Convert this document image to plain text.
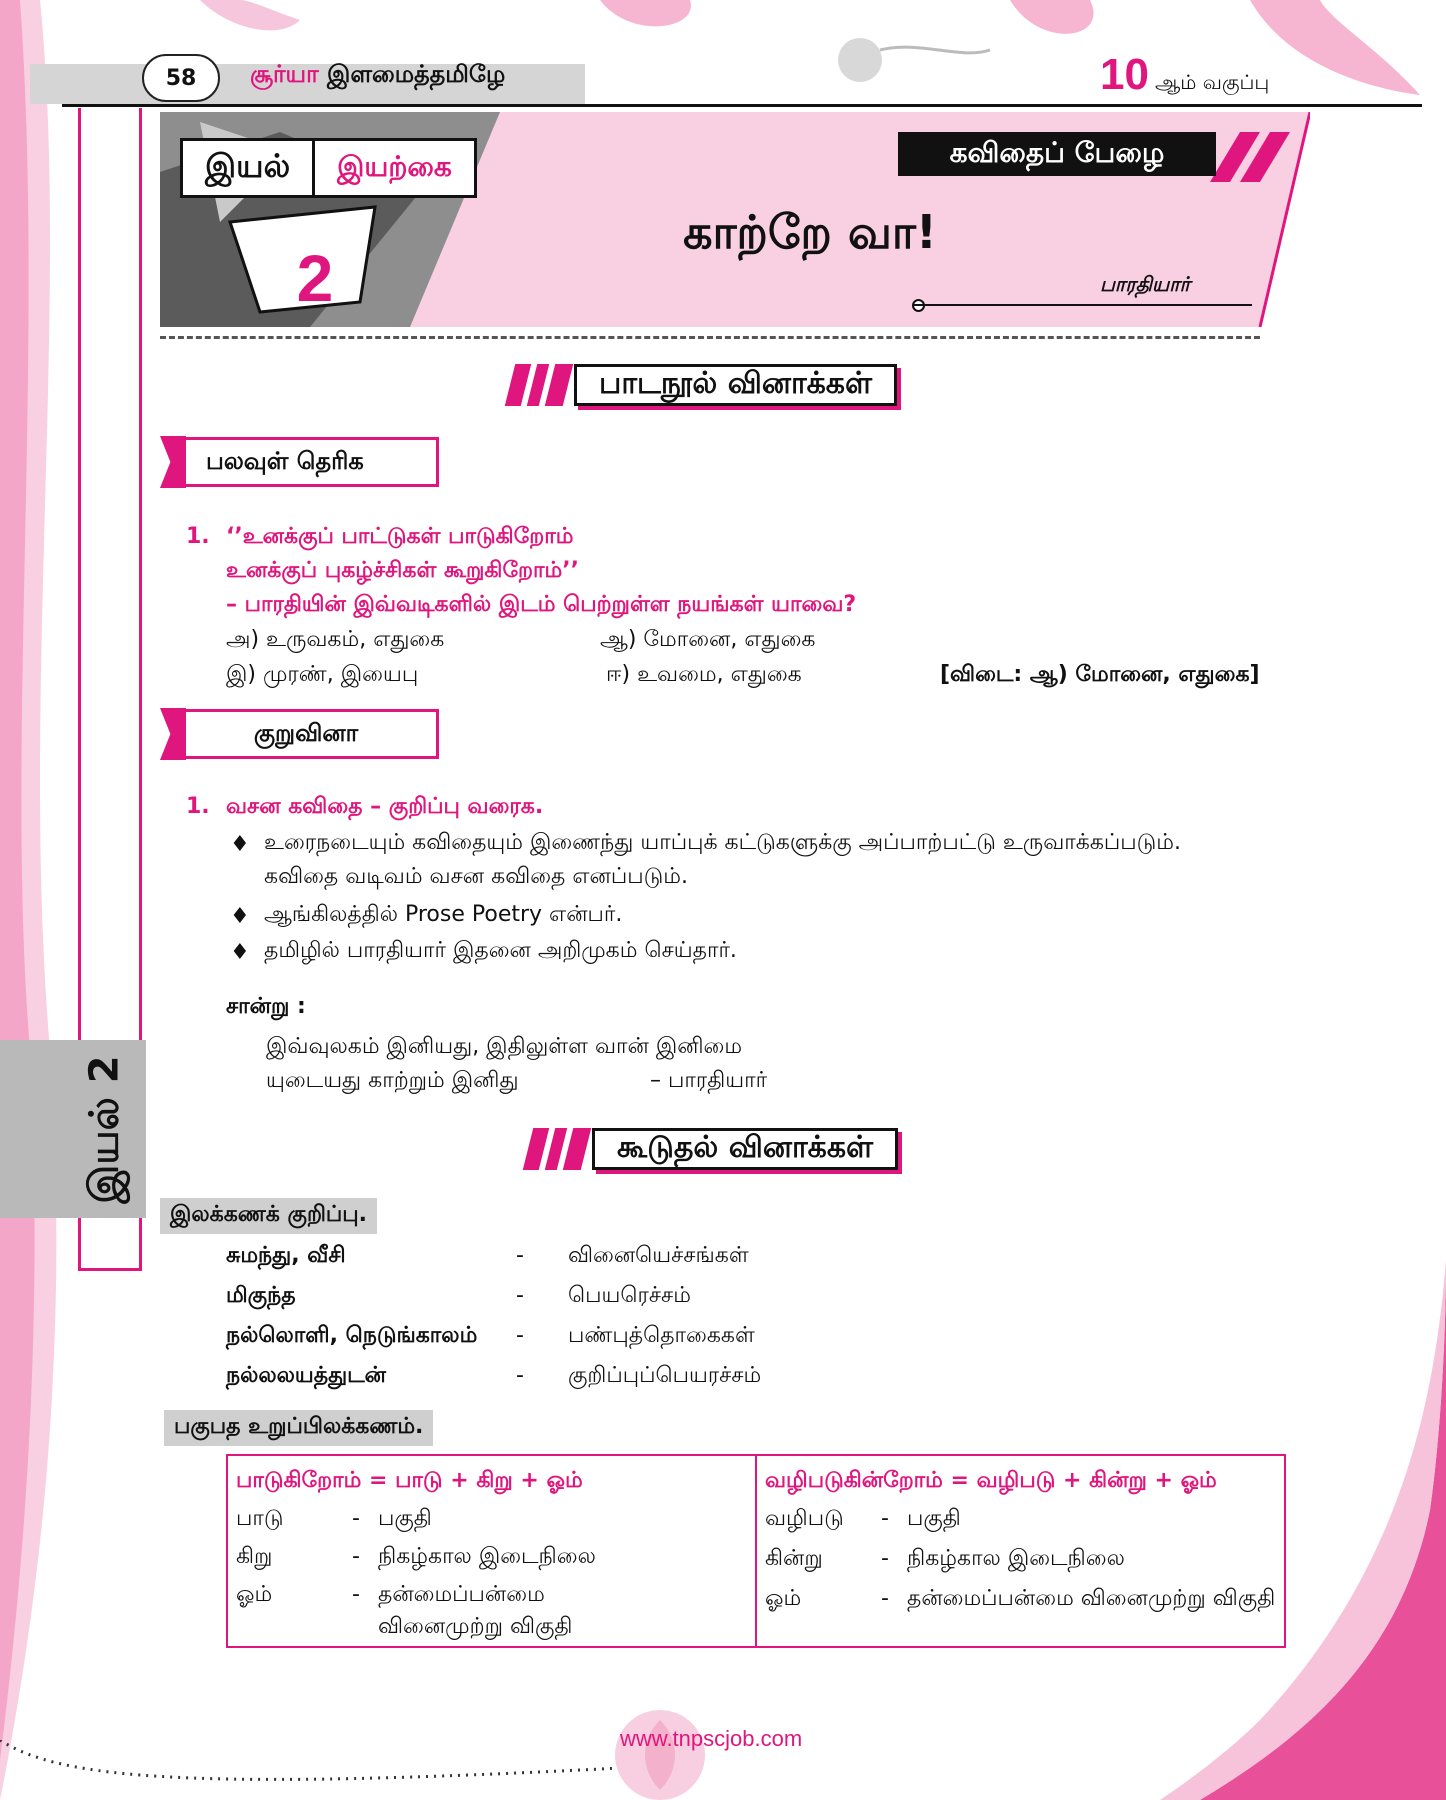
இயல் 2
58 சூர்யா இளமைத்தமிழே	10 ஆம் வகுப்பு
இயல்	இயற்கை
2
கவிதைப் பேழை
காற்றே வா!
பாரதியார்
பாடநூல் வினாக்கள்
பலவுள் தெரிக
1. ‘’உனக்குப் பாட்டுகள் பாடுகிறோம்
உனக்குப் புகழ்ச்சிகள் கூறுகிறோம்’’
– பாரதியின் இவ்வடிகளில் இடம் பெற்றுள்ள நயங்கள் யாவை?
அ) உருவகம், எதுகை	ஆ) மோனை, எதுகை
இ) முரண், இயைபு	ஈ) உவமை, எதுகை	[விடை: ஆ) மோனை, எதுகை]
குறுவினா
1. வசன கவிதை – குறிப்பு வரைக.
♦ உரைநடையும் கவிதையும் இணைந்து யாப்புக் கட்டுகளுக்கு அப்பாற்பட்டு உருவாக்கப்படும்.
கவிதை வடிவம் வசன கவிதை எனப்படும்.
♦ ஆங்கிலத்தில் Prose Poetry என்பர்.
♦ தமிழில் பாரதியார் இதனை அறிமுகம் செய்தார்.
சான்று :
இவ்வுலகம் இனியது, இதிலுள்ள வான் இனிமை
யுடையது காற்றும் இனிது	– பாரதியார்
கூடுதல் வினாக்கள்
இலக்கணக் குறிப்பு.
சுமந்து, வீசி	- வினையெச்சங்கள்
மிகுந்த	- பெயரெச்சம்
நல்லொளி, நெடுங்காலம் - பண்புத்தொகைகள்
நல்லலயத்துடன்	- குறிப்புப்பெயரச்சம்
பகுபத உறுப்பிலக்கணம்.
பாடுகிறோம் = பாடு + கிறு + ஓம்
பாடு	- பகுதி
கிறு	- நிகழ்கால இடைநிலை
ஓம்	- தன்மைப்பன்மை
வினைமுற்று விகுதி
வழிபடுகின்றோம் = வழிபடு + கின்று + ஓம்
வழிபடு - பகுதி
கின்று	- நிகழ்கால இடைநிலை
ஓம்	- தன்மைப்பன்மை வினைமுற்று விகுதி
www.tnpscjob.com
